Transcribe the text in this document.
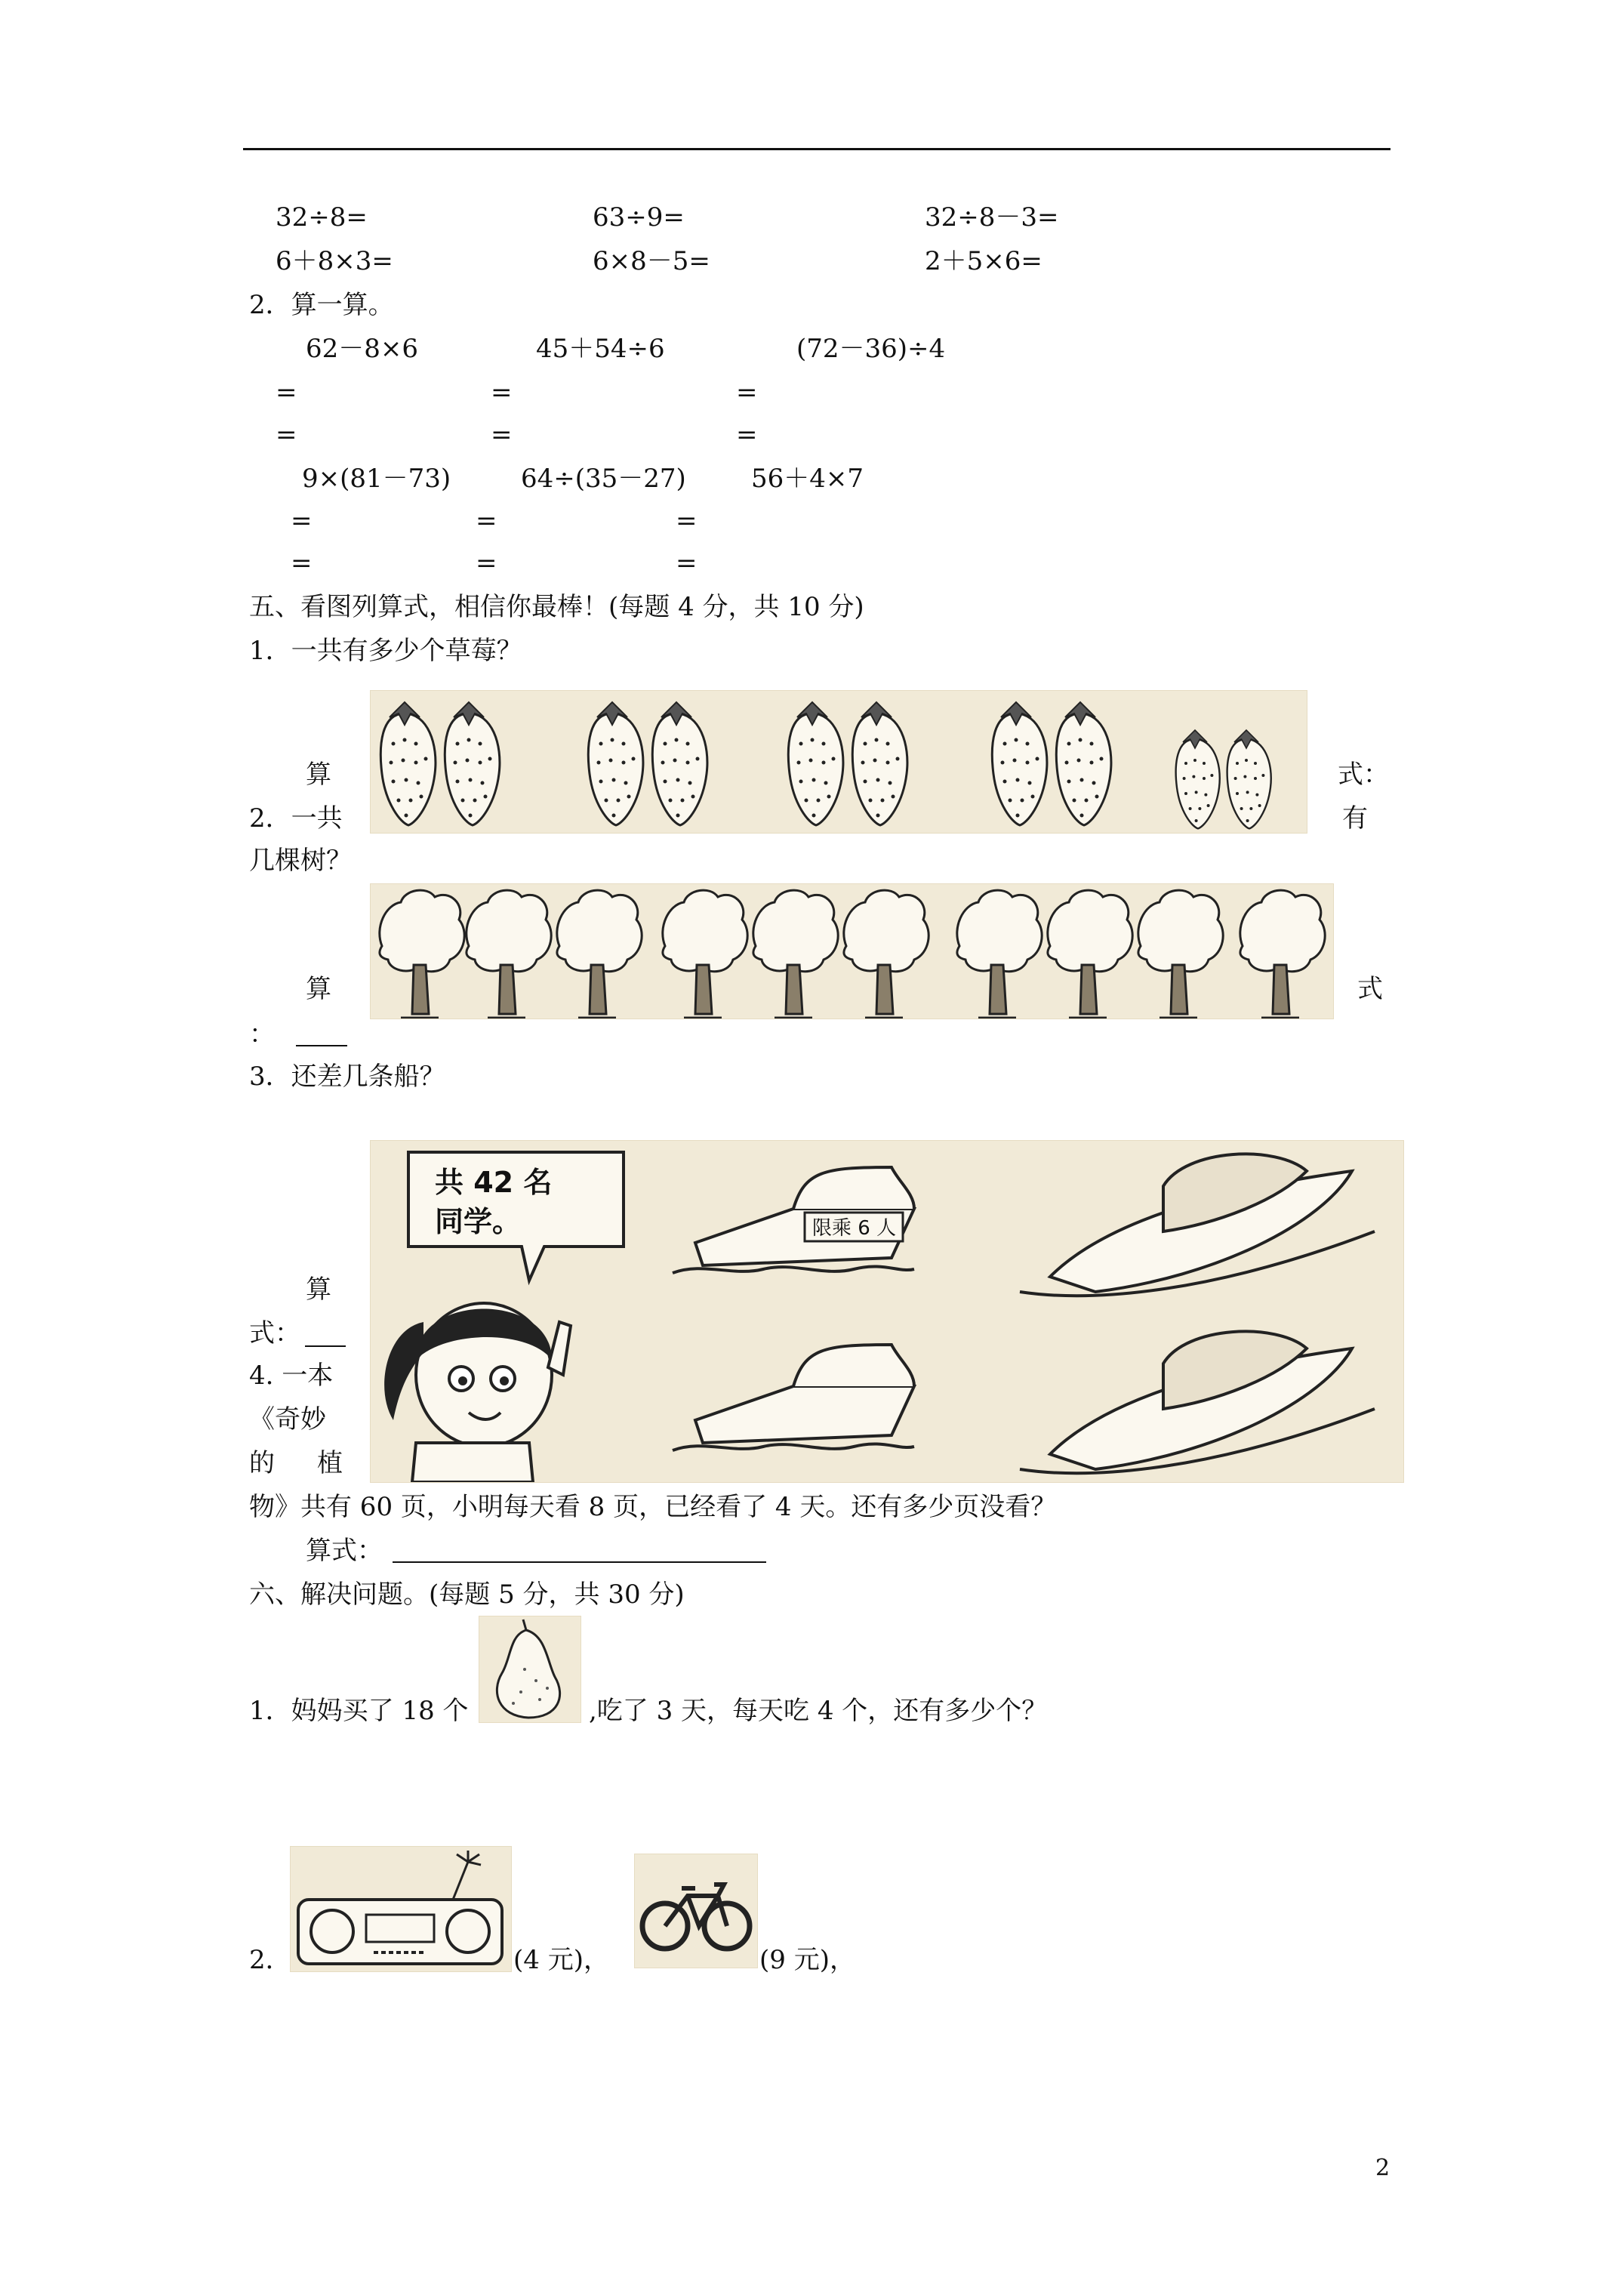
32÷8=	63÷9=	32÷8－3=
6＋8×3=	6×8－5=	2＋5×6=
2．算一算。
62－8×6	45＋54÷6	(72－36)÷4
=	=	=
=	=	=
9×(81－73)	64÷(35－27)	56＋4×7
=	=	=
=	=	=
五、看图列算式，相信你最棒！(每题 4 分，共 10 分)
1．一共有多少个草莓？
算	式：
2．一共	有
几棵树？
算	式
：
3．还差几条船？
共 42 名
同学。	限乘 6 人
算
式：
4. 一本
《奇妙
的 植
物》共有 60 页，小明每天看 8 页，已经看了 4 天。还有多少页没看？
算式：
六、解决问题。(每题 5 分，共 30 分)
1．妈妈买了 18 个	,吃了 3 天，每天吃 4 个，还有多少个？
2．	(4 元)，	(9 元)，
2
